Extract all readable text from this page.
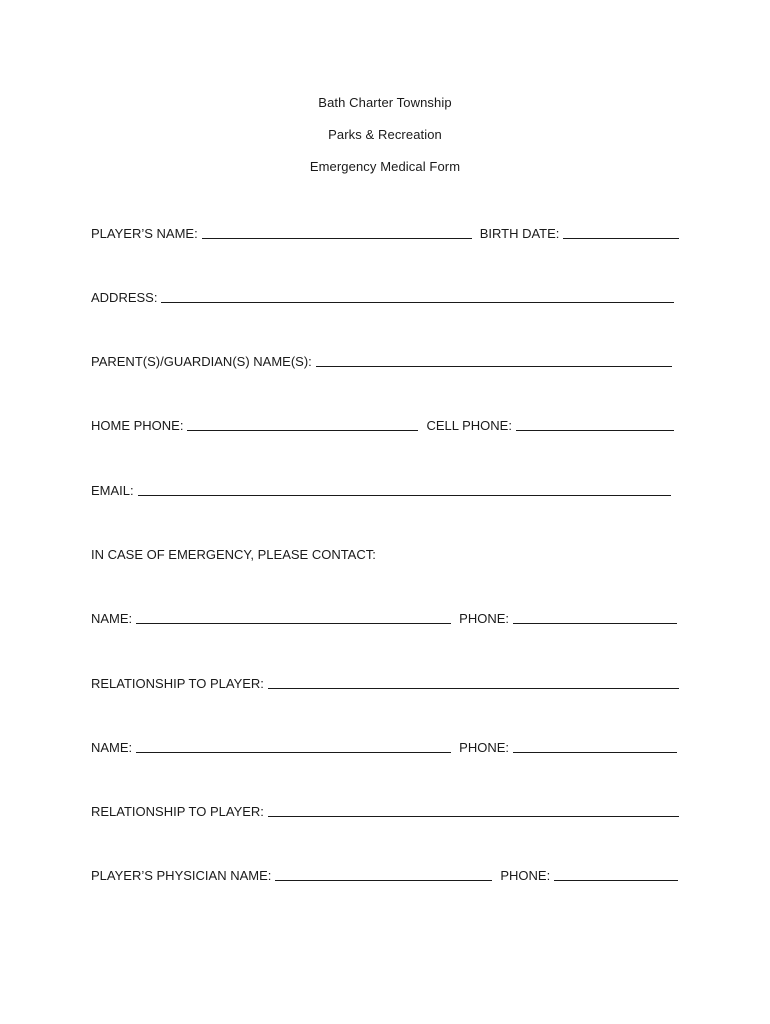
Bath Charter Township
Parks & Recreation
Emergency Medical Form
PLAYER’S NAME:	BIRTH DATE:
ADDRESS:
PARENT(S)/GUARDIAN(S) NAME(S):
HOME PHONE:	CELL PHONE:
EMAIL:
IN CASE OF EMERGENCY, PLEASE CONTACT:
NAME:	PHONE:
RELATIONSHIP TO PLAYER:
NAME:	PHONE:
RELATIONSHIP TO PLAYER:
PLAYER’S PHYSICIAN NAME:	PHONE:
